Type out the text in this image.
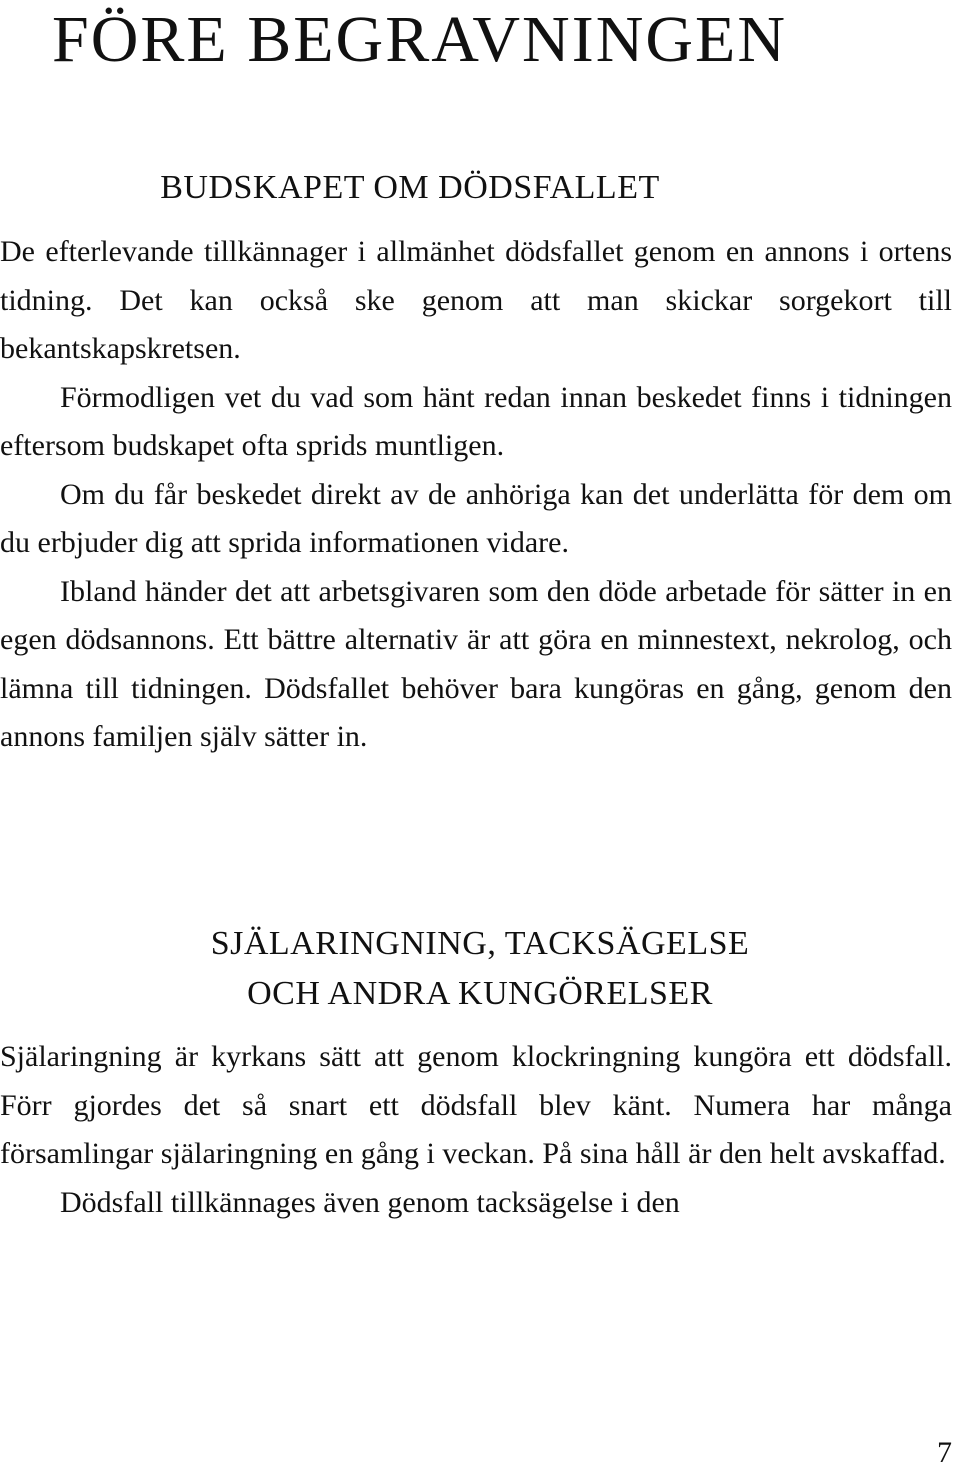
FÖRE BEGRAVNINGEN
BUDSKAPET OM DÖDSFALLET

De efterlevande tillkännager i allmänhet dödsfallet genom en annons i ortens tidning. Det kan också ske genom att man skickar sorgekort till bekantskapskretsen.

Förmodligen vet du vad som hänt redan innan beskedet finns i tidningen eftersom budskapet ofta sprids muntligen.

Om du får beskedet direkt av de anhöriga kan det underlätta för dem om du erbjuder dig att sprida informationen vidare.

Ibland händer det att arbetsgivaren som den döde arbetade för sätter in en egen dödsannons. Ett bättre alternativ är att göra en minnestext, nekrolog, och lämna till tidningen. Dödsfallet behöver bara kungöras en gång, genom den annons familjen själv sätter in.

SJÄLARINGNING, TACKSÄGELSE
OCH ANDRA KUNGÖRELSER

Själaringning är kyrkans sätt att genom klockringning kungöra ett dödsfall. Förr gjordes det så snart ett dödsfall blev känt. Numera har många församlingar själaringning en gång i veckan. På sina håll är den helt avskaffad.

Dödsfall tillkännages även genom tacksägelse i den

7
